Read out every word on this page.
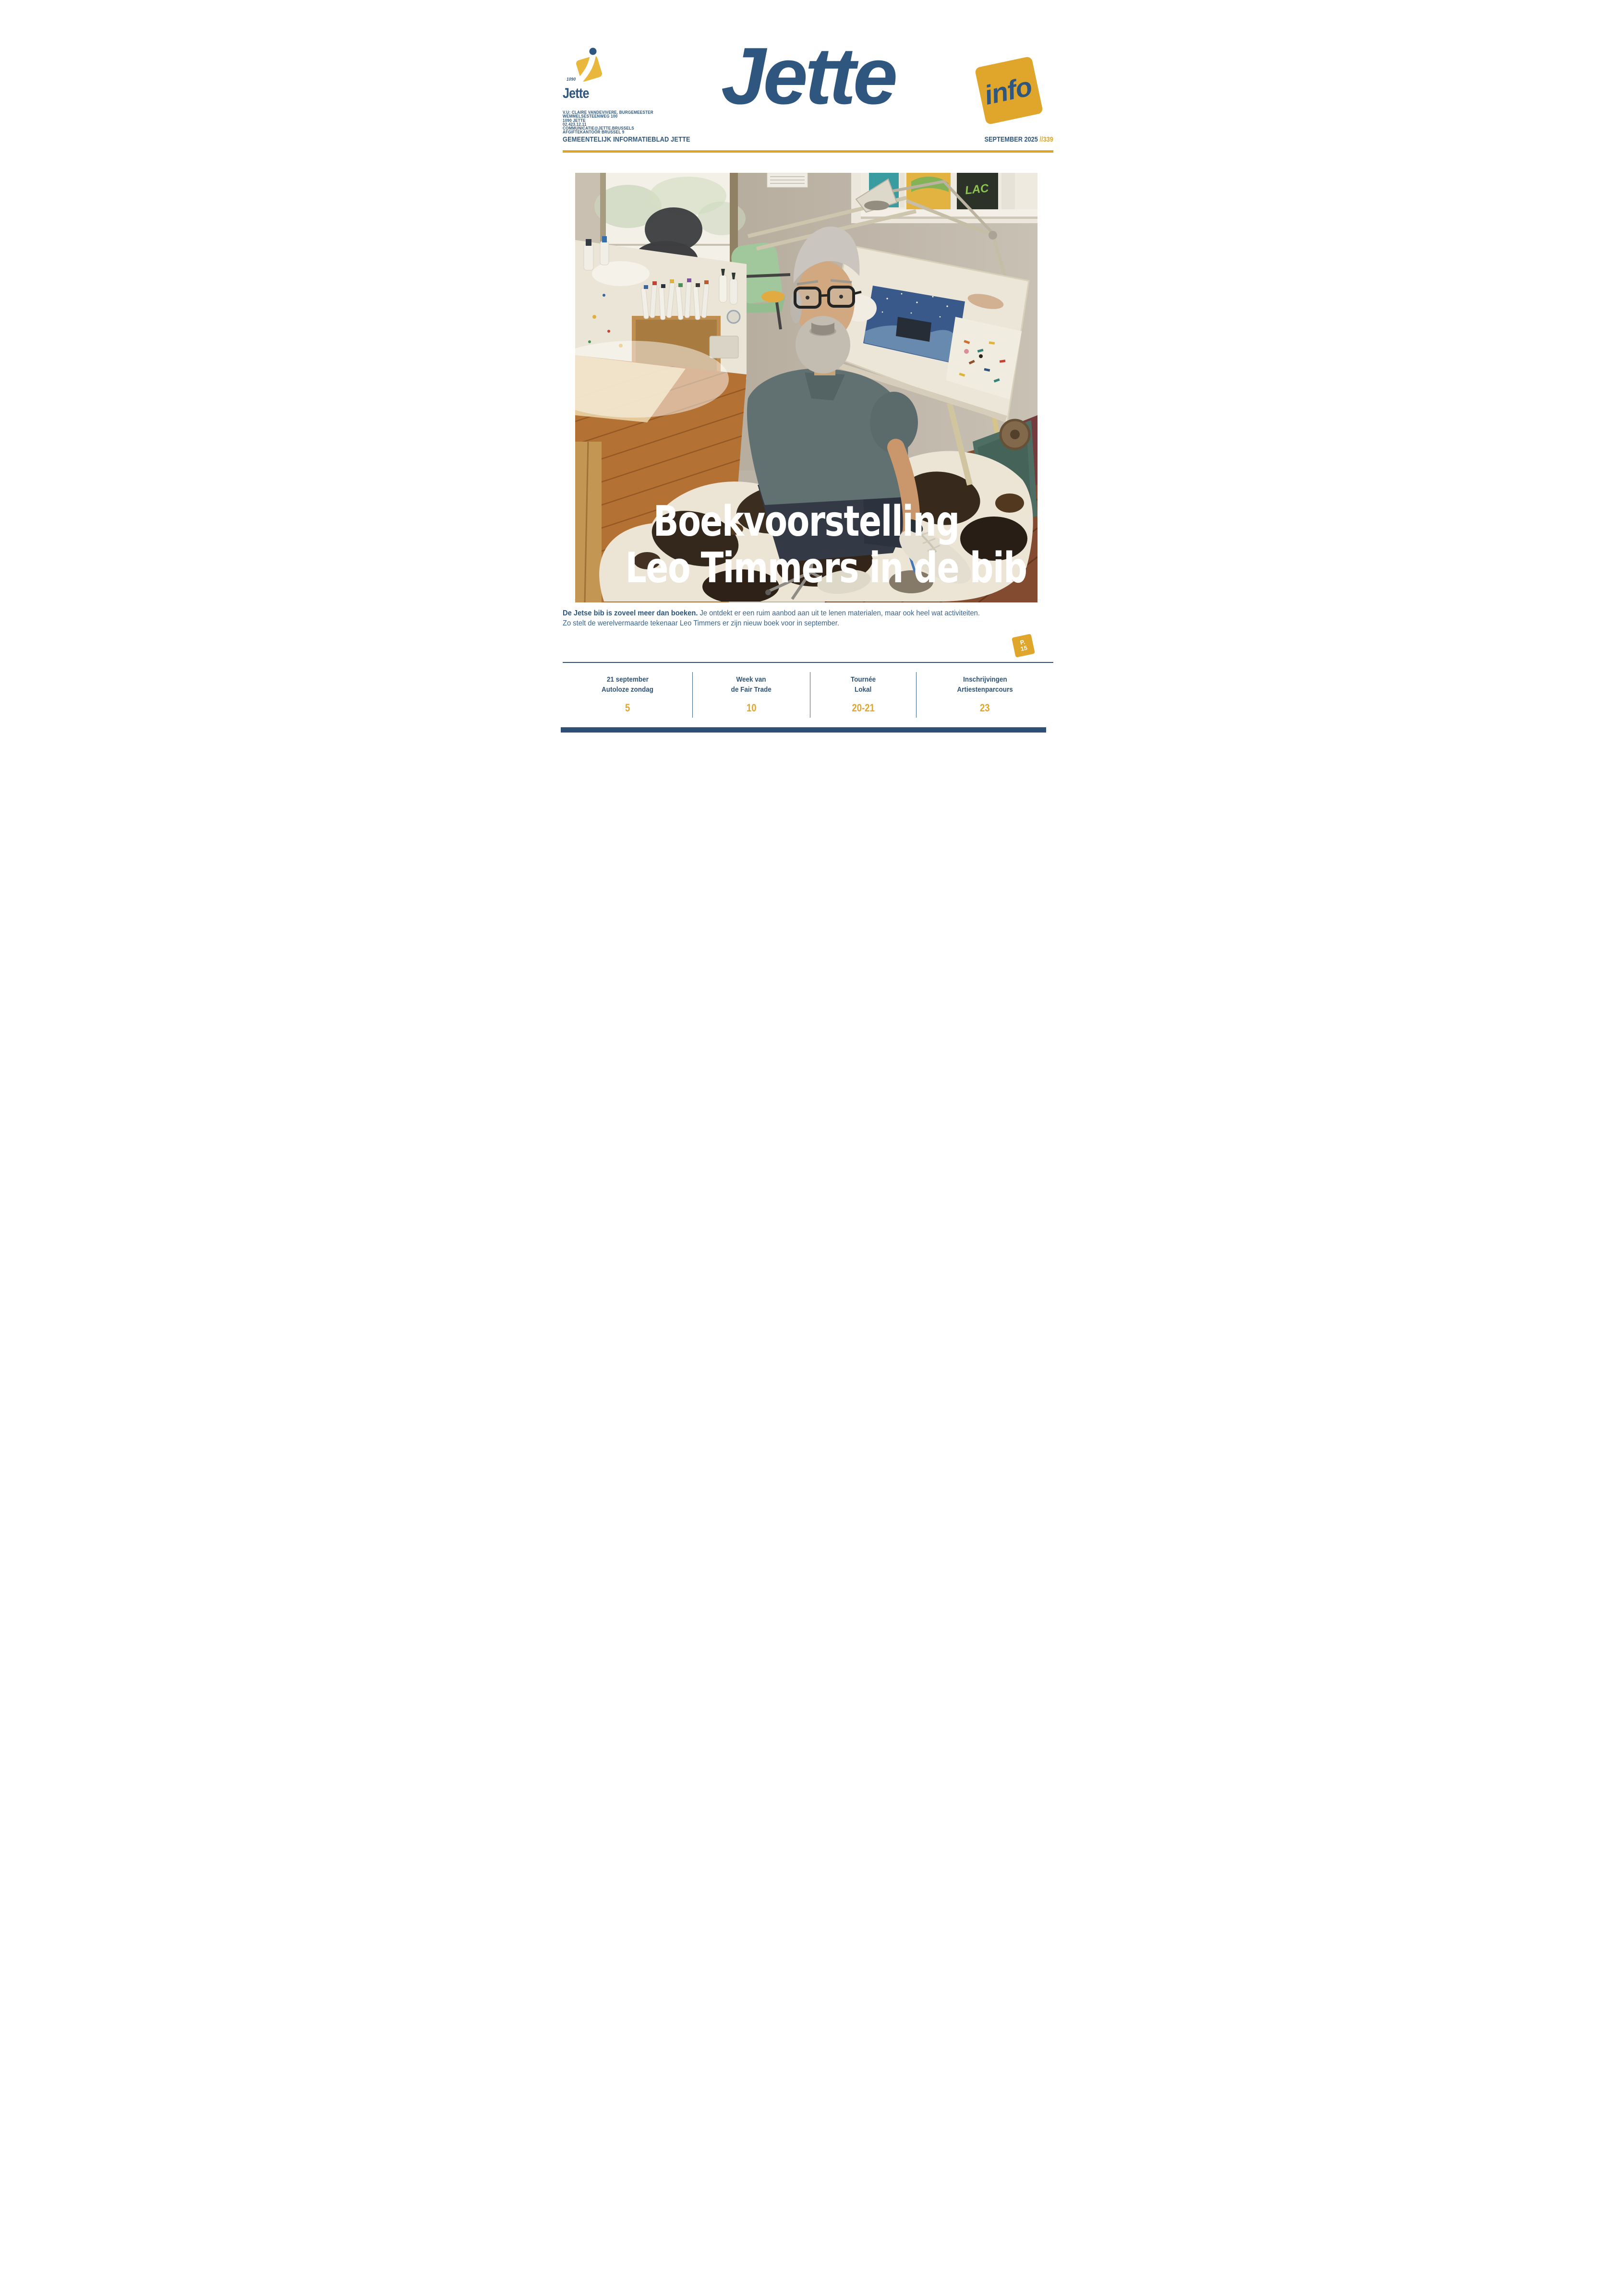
1090
Jette
V.U: CLAIRE VANDEVIVERE, BURGEMEESTER
WEMMELSESTEENWEG 100
1090 JETTE
02.423.12.11
COMMUNICATIE@JETTE.BRUSSELS
AFGIFTEKANTOOR BRUSSEL 9
Jette	info
GEMEENTELIJK INFORMATIEBLAD JETTE	SEPTEMBER 2025 //339
LAC
Boekvoorstelling
Leo Timmers in de bib
De Jetse bib is zoveel meer dan boeken. Je ontdekt er een ruim aanbod aan uit te lenen materialen, maar ook heel wat activiteiten.
Zo stelt de werelvermaarde tekenaar Leo Timmers er zijn nieuw boek voor in september.
P.
15
21 september
Autoloze zondag
5
Week van
de Fair Trade
10
Tournée
Lokal
20-21
Inschrijvingen
Artiestenparcours
23
